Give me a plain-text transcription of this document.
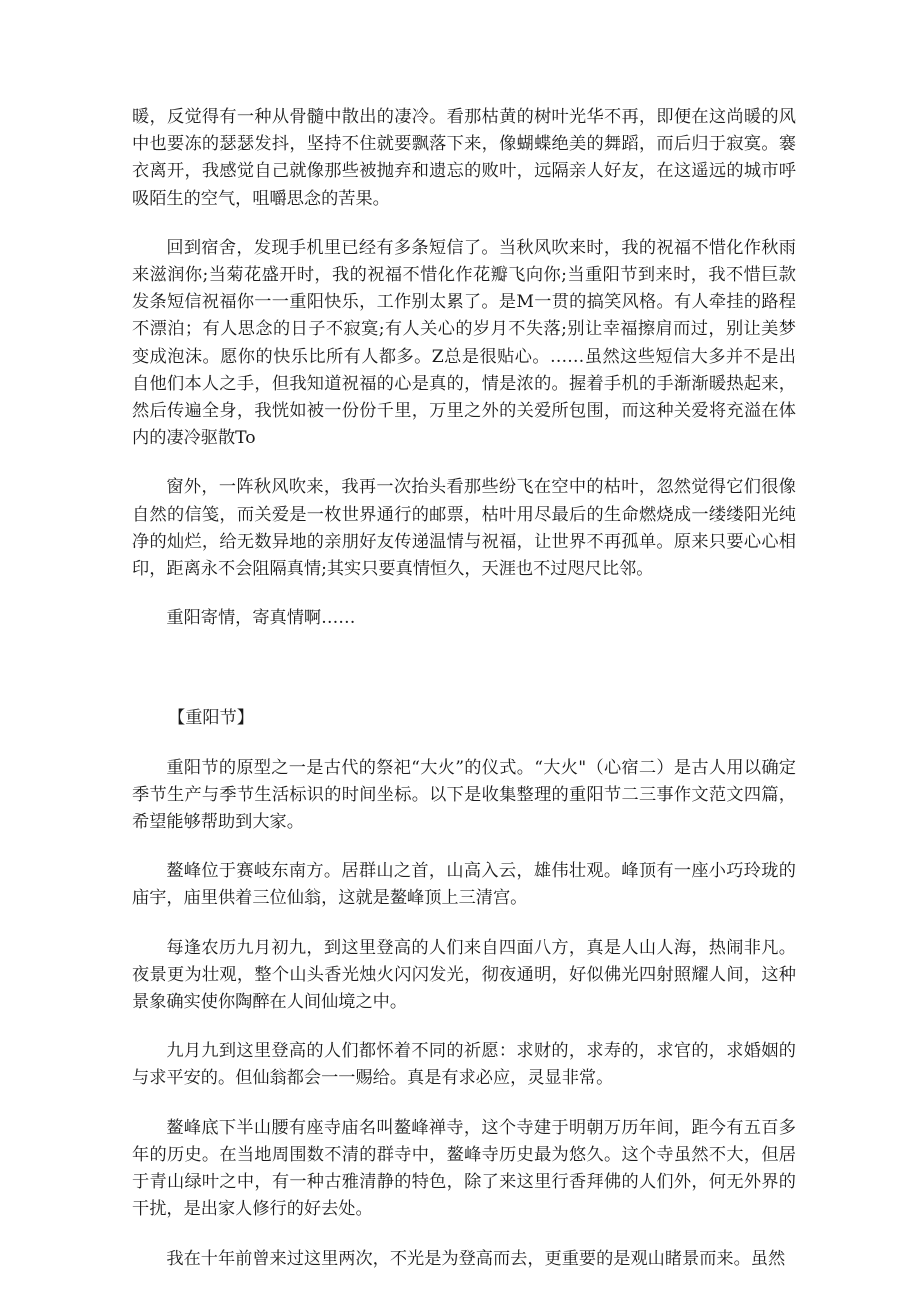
暖，反觉得有一种从骨髓中散出的凄冷。看那枯黄的树叶光华不再，即便在这尚暖的风中也要冻的瑟瑟发抖，坚持不住就要飘落下来，像蝴蝶绝美的舞蹈，而后归于寂寞。褰衣离开，我感觉自己就像那些被抛弃和遗忘的败叶，远隔亲人好友，在这遥远的城市呼吸陌生的空气，咀嚼思念的苦果。

回到宿舍，发现手机里已经有多条短信了。当秋风吹来时，我的祝福不惜化作秋雨来滋润你;当菊花盛开时，我的祝福不惜化作花瓣飞向你;当重阳节到来时，我不惜巨款发条短信祝福你一一重阳快乐，工作别太累了。是M一贯的搞笑风格。有人牵挂的路程不漂泊；有人思念的日子不寂寞;有人关心的岁月不失落;别让幸福擦肩而过，别让美梦变成泡沫。愿你的快乐比所有人都多。Z总是很贴心。……虽然这些短信大多并不是出自他们本人之手，但我知道祝福的心是真的，情是浓的。握着手机的手渐渐暖热起来，然后传遍全身，我恍如被一份份千里，万里之外的关爱所包围，而这种关爱将充溢在体内的凄冷驱散To

窗外，一阵秋风吹来，我再一次抬头看那些纷飞在空中的枯叶，忽然觉得它们很像自然的信笺，而关爱是一枚世界通行的邮票，枯叶用尽最后的生命燃烧成一缕缕阳光纯净的灿烂，给无数异地的亲朋好友传递温情与祝福，让世界不再孤单。原来只要心心相印，距离永不会阻隔真情;其实只要真情恒久，天涯也不过咫尺比邻。

重阳寄情，寄真情啊……

【重阳节】

重阳节的原型之一是古代的祭祀“大火”的仪式。“大火"（心宿二）是古人用以确定季节生产与季节生活标识的时间坐标。以下是收集整理的重阳节二三事作文范文四篇，希望能够帮助到大家。

鳌峰位于赛岐东南方。居群山之首，山高入云，雄伟壮观。峰顶有一座小巧玲珑的庙宇，庙里供着三位仙翁，这就是鳌峰顶上三清宫。

每逢农历九月初九，到这里登高的人们来自四面八方，真是人山人海，热闹非凡。夜景更为壮观，整个山头香光烛火闪闪发光，彻夜通明，好似佛光四射照耀人间，这种景象确实使你陶醉在人间仙境之中。

九月九到这里登高的人们都怀着不同的祈愿：求财的，求寿的，求官的，求婚姻的与求平安的。但仙翁都会一一赐给。真是有求必应，灵显非常。

鳌峰底下半山腰有座寺庙名叫鳌峰禅寺，这个寺建于明朝万历年间，距今有五百多年的历史。在当地周围数不清的群寺中，鳌峰寺历史最为悠久。这个寺虽然不大，但居于青山绿叶之中，有一种古雅清静的特色，除了来这里行香拜佛的人们外，何无外界的干扰，是出家人修行的好去处。

我在十年前曾来过这里两次，不光是为登高而去，更重要的是观山睹景而来。虽然
